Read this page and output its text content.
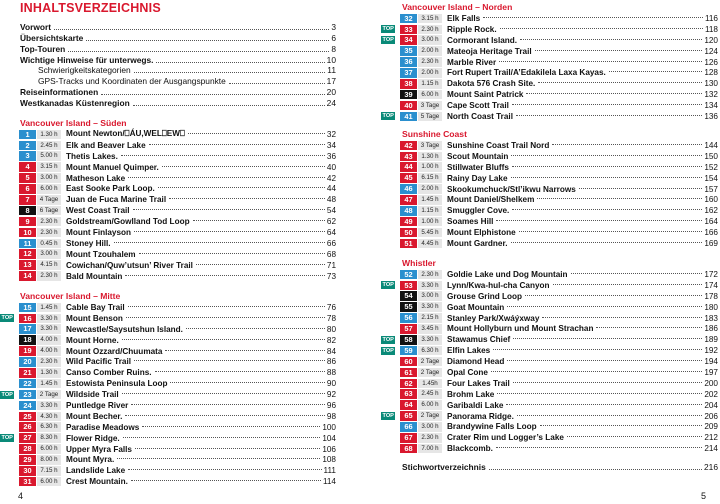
INHALTSVERZEICHNIS
Vorwort	3
Übersichtskarte	6
Top-Touren	8
Wichtige Hinweise für unterwegs.	10
Schwierigkeitskategorien	11
GPS-Tracks und Koordinaten der Ausgangspunkte	17
Reiseinformationen	20
Westkanadas Küstenregion	24
Vancouver Island – Süden
1	1.30 h	Mount Newton/⎕ÁU,WEL⎕EW⎕	32
2	2.45 h	Elk and Beaver Lake	34
3	5.00 h	Thetis Lakes.	36
4	3.15 h	Mount Manuel Quimper.	40
5	3.00 h	Matheson Lake	42
6	6.00 h	East Sooke Park Loop.	44
7	4 Tage Juan de Fuca Marine Trail	48
8	6 Tage West Coast Trail	54
9	2.30 h	Goldstream/Gowlland Tod Loop	62
10	2.30 h	Mount Finlayson	64
11	0.45 h	Stoney Hill.	66
12	3.00 h	Mount Tzouhalem	68
13	4.15 h	Cowichan/Quw’utsun’ River Trail	71
14	2.30 h	Bald Mountain	73
Vancouver Island – Mitte
15	1.45 h	Cable Bay Trail	76
TOP	16	3.30 h	Mount Benson	78
17	3.30 h	Newcastle/Saysutshun Island.	80
18	4.00 h	Mount Horne.	82
19	4.00 h	Mount Ozzard/Chuumata	84
20	2.30 h	Wild Pacific Trail	86
21	1.30 h	Canso Comber Ruins.	88
22	1.45 h	Estowista Peninsula Loop	90
TOP	23	2 Tage Wildside Trail	92
24	3.30 h	Puntledge River	96
25	4.30 h	Mount Becher.	98
26	6.30 h	Paradise Meadows	100
TOP	27	8.30 h	Flower Ridge.	104
28	6.00 h	Upper Myra Falls	106
29	8.00 h	Mount Myra.	108
30	7.15 h	Landslide Lake	111
31	6.00 h	Crest Mountain.	114
4
Vancouver Island – Norden
32	3.15 h	Elk Falls	116
TOP	33	2.30 h	Ripple Rock.	118
TOP	34	3.00 h	Cormorant Island.	120
35	2.00 h	Mateoja Heritage Trail	124
36	2.30 h	Marble River	126
37	2.00 h	Fort Rupert Trail/A’Edakilela Laxa Kayas.	128
38	1.15 h	Dakota 576 Crash Site.	130
39	6.00 h	Mount Saint Patrick	132
40	3 Tage Cape Scott Trail	134
TOP	41	5 Tage North Coast Trail	136
Sunshine Coast
42	3 Tage Sunshine Coast Trail Nord	144
43	1.30 h	Scout Mountain	150
44	1.00 h	Stillwater Bluffs	152
45	6.15 h	Rainy Day Lake	154
46	2.00 h	Skookumchuck/Stl’ikwu Narrows	157
47	1.45 h	Mount Daniel/Shelkem	160
48	1.15 h	Smuggler Cove.	162
49	1.00 h	Soames Hill	164
50	5.45 h	Mount Elphistone	166
51	4.45 h	Mount Gardner.	169
Whistler
52	2.30 h	Goldie Lake und Dog Mountain	172
TOP	53	3.30 h	Lynn/Kwa-hul-cha Canyon	174
54	3.00 h	Grouse Grind Loop	178
55	3.30 h	Goat Mountain	180
56	2.15 h	Stanley Park/Xwáýxway	183
57	3.45 h	Mount Hollyburn und Mount Strachan	186
TOP	58	3.30 h	Stawamus Chief	189
TOP	59	6.30 h	Elfin Lakes	192
60	2 Tage Diamond Head	194
61	2 Tage Opal Cone	197
62	1.45h	Four Lakes Trail	200
63	2.45 h	Brohm Lake	202
64	6.00 h	Garibaldi Lake	204
TOP	65	2 Tage Panorama Ridge.	206
66	3.00 h	Brandywine Falls Loop	209
67	2.30 h	Crater Rim und Logger’s Lake	212
68	7.00 h	Blackcomb.	214
Stichwortverzeichnis	216
5
